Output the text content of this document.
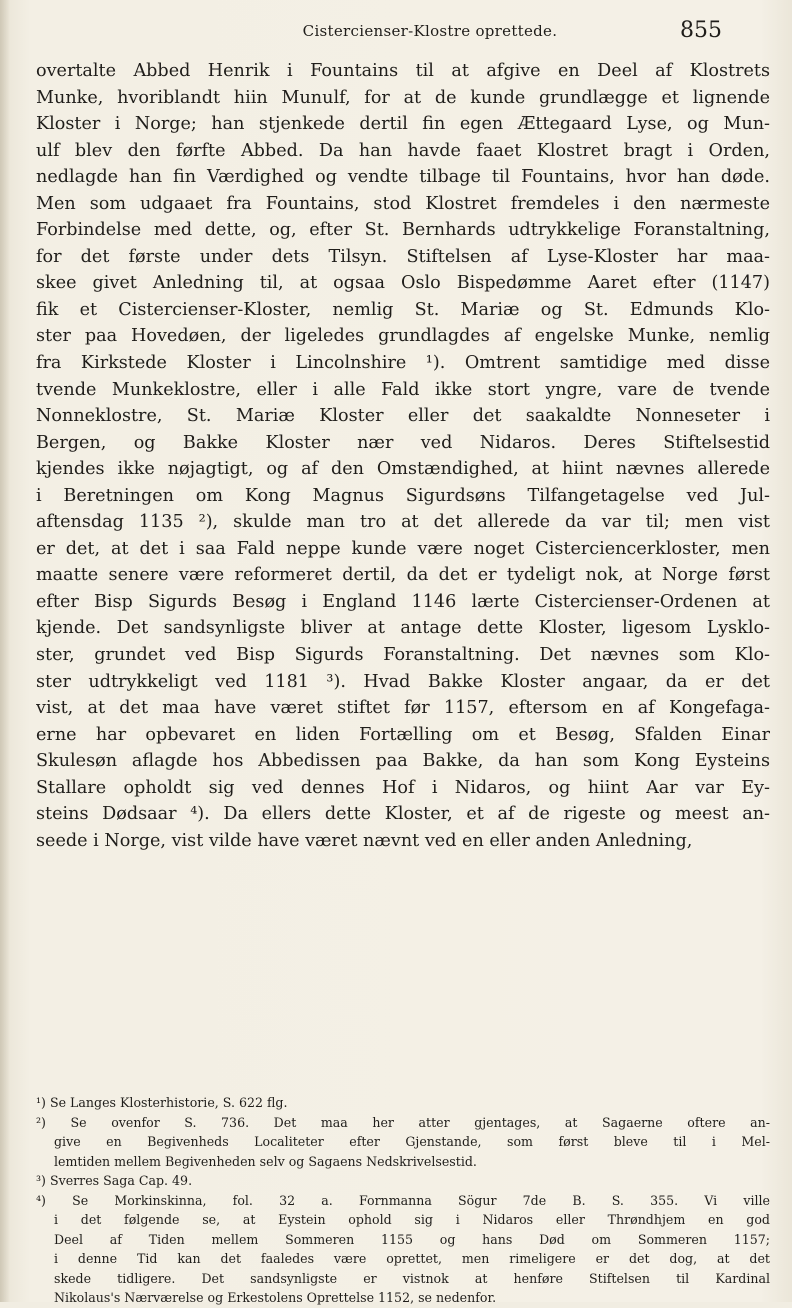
Cistercienser-Klostre oprettede.	855
overtalte Abbed Henrik i Fountains til at afgive en Deel af Klostrets
Munke, hvoriblandt hiin Munulf, for at de kunde grundlægge et lignende
Kloster i Norge; han stjenkede dertil fin egen Ættegaard Lyse, og Mun-
ulf blev den førfte Abbed. Da han havde faaet Klostret bragt i Orden,
nedlagde han fin Værdighed og vendte tilbage til Fountains, hvor han døde.
Men som udgaaet fra Fountains, stod Klostret fremdeles i den nærmeste
Forbindelse med dette, og, efter St. Bernhards udtrykkelige Foranstaltning,
for det første under dets Tilsyn. Stiftelsen af Lyse-Kloster har maa-
skee givet Anledning til, at ogsaa Oslo Bispedømme Aaret efter (1147)
fik et Cistercienser-Kloster, nemlig St. Mariæ og St. Edmunds Klo-
ster paa Hovedøen, der ligeledes grundlagdes af engelske Munke, nemlig
fra Kirkstede Kloster i Lincolnshire ¹). Omtrent samtidige med disse
tvende Munkeklostre, eller i alle Fald ikke stort yngre, vare de tvende
Nonneklostre, St. Mariæ Kloster eller det saakaldte Nonneseter i
Bergen, og Bakke Kloster nær ved Nidaros. Deres Stiftelsestid
kjendes ikke nøjagtigt, og af den Omstændighed, at hiint nævnes allerede
i Beretningen om Kong Magnus Sigurdsøns Tilfangetagelse ved Jul-
aftensdag 1135 ²), skulde man tro at det allerede da var til; men vist
er det, at det i saa Fald neppe kunde være noget Cisterciencerkloster, men
maatte senere være reformeret dertil, da det er tydeligt nok, at Norge først
efter Bisp Sigurds Besøg i England 1146 lærte Cistercienser-Ordenen at
kjende. Det sandsynligste bliver at antage dette Kloster, ligesom Lysklo-
ster, grundet ved Bisp Sigurds Foranstaltning. Det nævnes som Klo-
ster udtrykkeligt ved 1181 ³). Hvad Bakke Kloster angaar, da er det
vist, at det maa have været stiftet før 1157, eftersom en af Kongefaga-
erne har opbevaret en liden Fortælling om et Besøg, Sfalden Einar
Skulesøn aflagde hos Abbedissen paa Bakke, da han som Kong Eysteins
Stallare opholdt sig ved dennes Hof i Nidaros, og hiint Aar var Ey-
steins Dødsaar ⁴). Da ellers dette Kloster, et af de rigeste og meest an-
seede i Norge, vist vilde have været nævnt ved en eller anden Anledning,
¹) Se Langes Klosterhistorie, S. 622 flg.
²) Se ovenfor S. 736. Det maa her atter gjentages, at Sagaerne oftere an-
give en Begivenheds Localiteter efter Gjenstande, som først bleve til i Mel-
lemtiden mellem Begivenheden selv og Sagaens Nedskrivelsestid.
³) Sverres Saga Cap. 49.
⁴) Se Morkinskinna, fol. 32 a. Fornmanna Sögur 7de B. S. 355. Vi ville
i det følgende se, at Eystein ophold sig i Nidaros eller Thrøndhjem en god
Deel af Tiden mellem Sommeren 1155 og hans Død om Sommeren 1157;
i denne Tid kan det faaledes være oprettet, men rimeligere er det dog, at det
skede tidligere. Det sandsynligste er vistnok at henføre Stiftelsen til Kardinal
Nikolaus's Nærværelse og Erkestolens Oprettelse 1152, se nedenfor.
